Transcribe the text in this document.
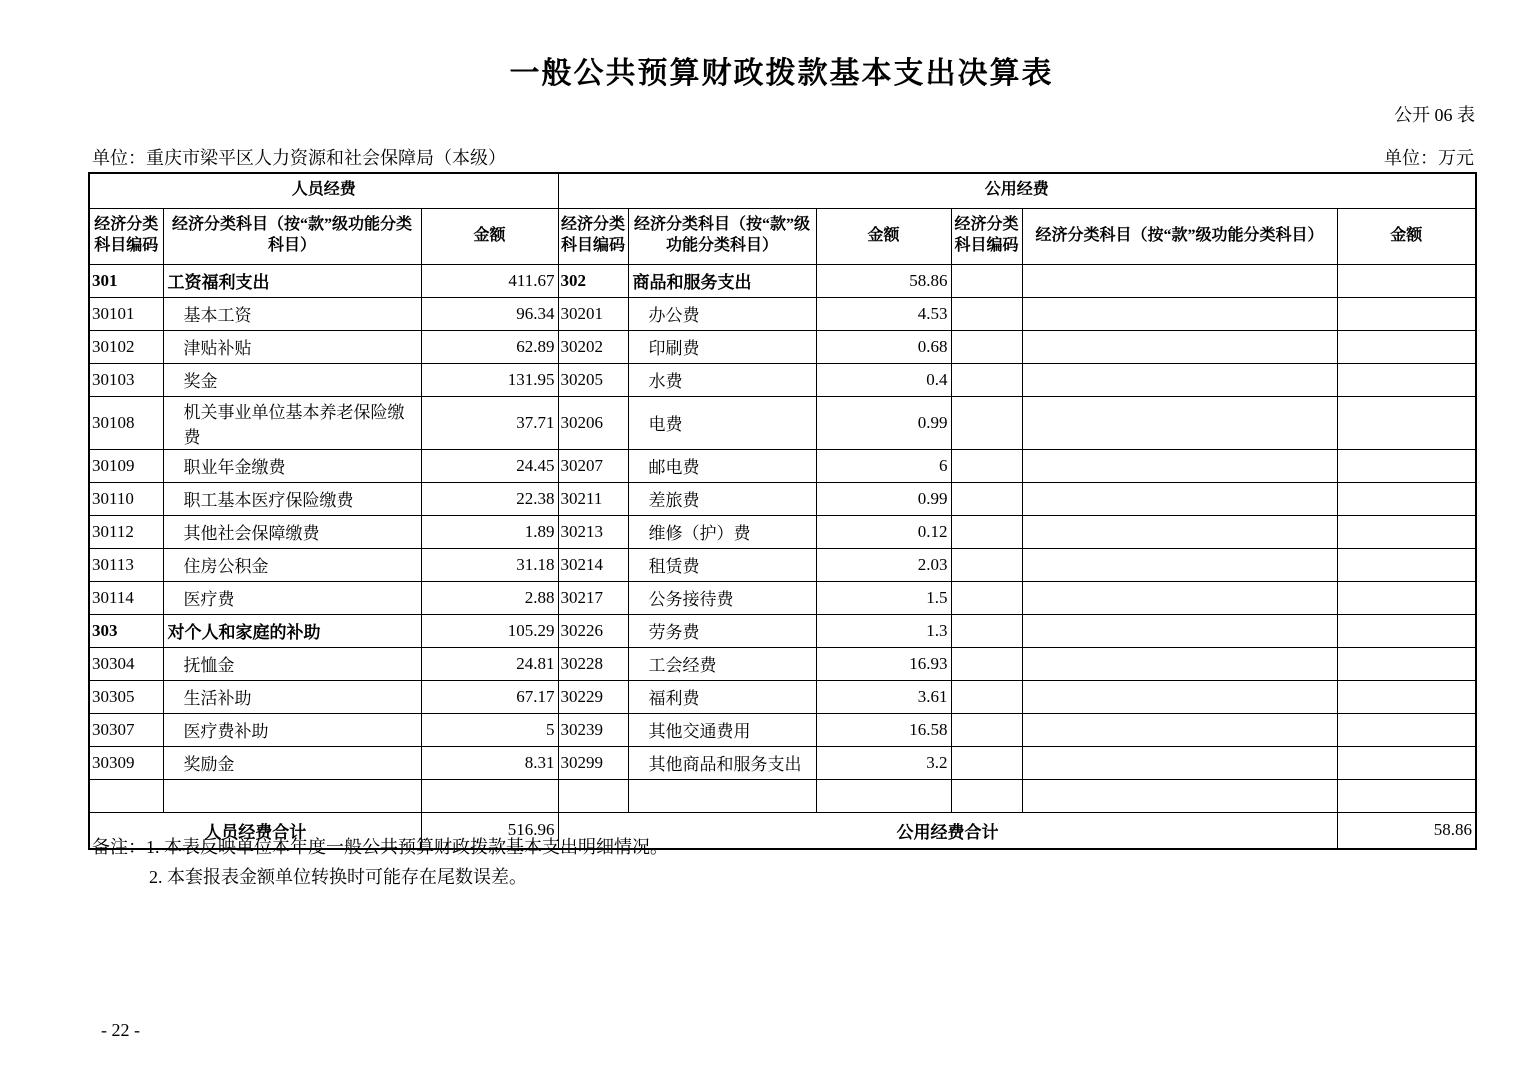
一般公共预算财政拨款基本支出决算表
公开 06 表
单位：重庆市梁平区人力资源和社会保障局（本级）	单位：万元
人员经费			公用经费					
经济分类科目编码	经济分类科目（按“款”级功能分类科目）	金额	经济分类科目编码	经济分类科目（按“款”级功能分类科目）	金额	经济分类科目编码	经济分类科目（按“款”级功能分类科目）	金额
301	工资福利支出	411.67	302	商品和服务支出	58.86			
30101	基本工资	96.34	30201	办公费	4.53			
30102	津贴补贴	62.89	30202	印刷费	0.68			
30103	奖金	131.95	30205	水费	0.4			
30108	机关事业单位基本养老保险缴费	37.71	30206	电费	0.99			
30109	职业年金缴费	24.45	30207	邮电费	6			
30110	职工基本医疗保险缴费	22.38	30211	差旅费	0.99			
30112	其他社会保障缴费	1.89	30213	维修（护）费	0.12			
30113	住房公积金	31.18	30214	租赁费	2.03			
30114	医疗费	2.88	30217	公务接待费	1.5			
303	对个人和家庭的补助	105.29	30226	劳务费	1.3			
30304	抚恤金	24.81	30228	工会经费	16.93			
30305	生活补助	67.17	30229	福利费	3.61			
30307	医疗费补助	5	30239	其他交通费用	16.58			
30309	奖励金	8.31	30299	其他商品和服务支出	3.2			

人员经费合计		516.96	公用经费合计					58.86
备注：1. 本表反映单位本年度一般公共预算财政拨款基本支出明细情况。
2. 本套报表金额单位转换时可能存在尾数误差。
- 22 -
